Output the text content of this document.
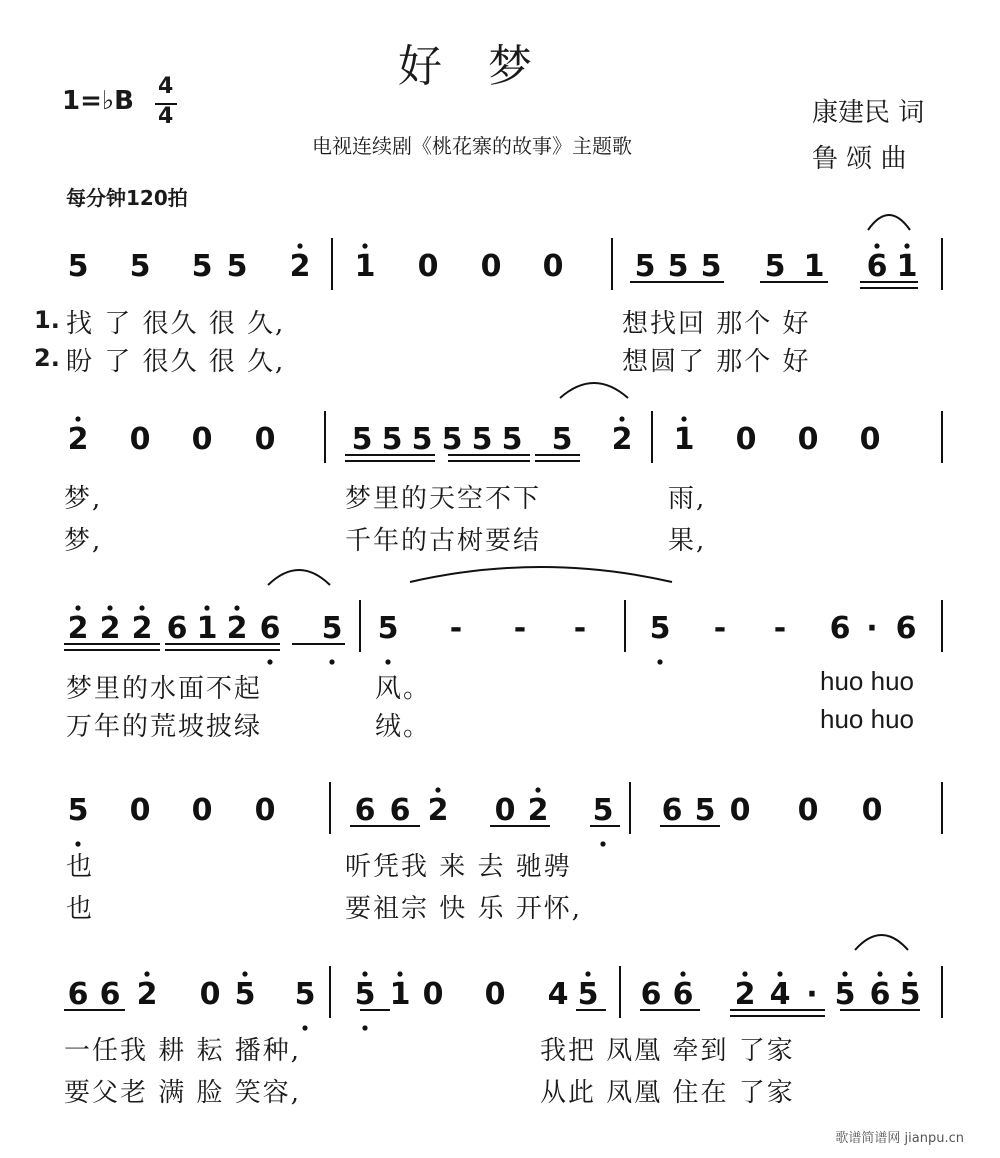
好梦
1=♭B 4
4
电视连续剧《桃花寨的故事》主题歌
康建民 词
鲁 颂 曲
每分钟120拍
5 5 5 5 2 1 0 0 0 5 5 5 5 1 6 1
2 0 0 0	5 5 5 5 5 5 5 2 1 0 0 0
2 2 2 6 1 2 6 5 5 - - - 5 - - 6 · 6
5 0 0 0	6 6 2 0 2 5 6 5 0 0 0
6 6 2 0 5 5 5 1 0 0 4 5 6 6 2 4 · 5 6 5
1.
2.
找 了 很久 很 久,	想找回 那个 好
盼 了 很久 很 久,	想圆了 那个 好
梦,	梦里的天空不下	雨,
梦,	千年的古树要结	果,
梦里的水面不起	风。	huo huo
万年的荒坡披绿	绒。	huo huo
也	听凭我 来 去 驰骋
也	要祖宗 快 乐 开怀,
一任我 耕 耘 播种,	我把 凤凰 牵到 了家
要父老 满 脸 笑容,	从此 凤凰 住在 了家
歌谱简谱网 jianpu.cn
